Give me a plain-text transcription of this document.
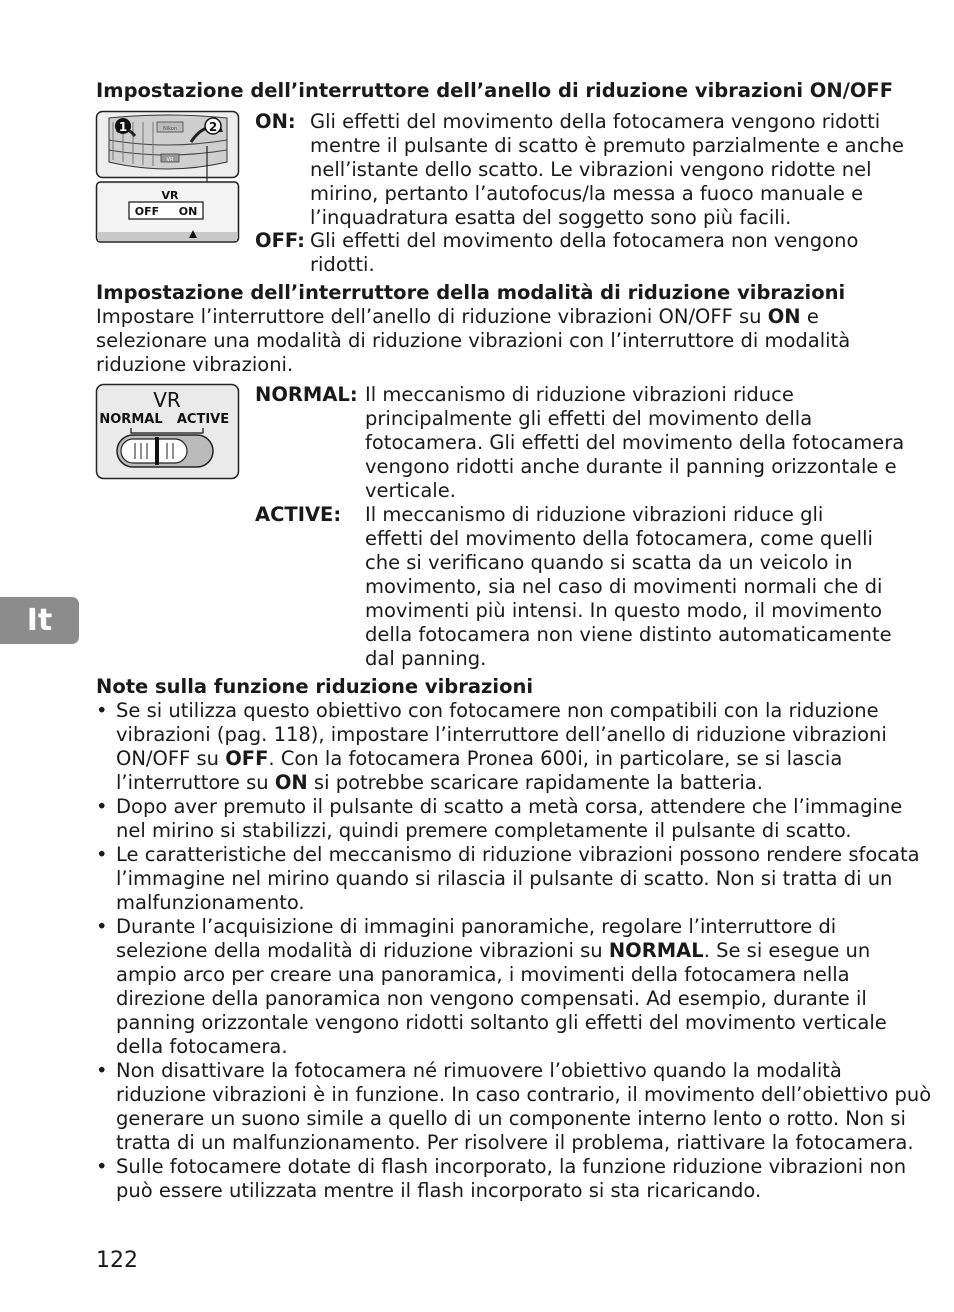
Impostazione dell’interruttore dell’anello di riduzione vibrazioni ON/OFF
1	2
Nikon
VR
VR
OFF ON
ON: Gli effetti del movimento della fotocamera vengono ridotti
mentre il pulsante di scatto è premuto parzialmente e anche
nell’istante dello scatto. Le vibrazioni vengono ridotte nel
mirino, pertanto l’autofocus/la messa a fuoco manuale e
l’inquadratura esatta del soggetto sono più facili.
OFF: Gli effetti del movimento della fotocamera non vengono
ridotti.
Impostazione dell’interruttore della modalità di riduzione vibrazioni
Impostare l’interruttore dell’anello di riduzione vibrazioni ON/OFF su ON e
selezionare una modalità di riduzione vibrazioni con l’interruttore di modalità
riduzione vibrazioni.
VR
NORMAL ACTIVE
NORMAL: Il meccanismo di riduzione vibrazioni riduce
principalmente gli effetti del movimento della
fotocamera. Gli effetti del movimento della fotocamera
vengono ridotti anche durante il panning orizzontale e
verticale.
ACTIVE: Il meccanismo di riduzione vibrazioni riduce gli
effetti del movimento della fotocamera, come quelli
che si verificano quando si scatta da un veicolo in
movimento, sia nel caso di movimenti normali che di
movimenti più intensi. In questo modo, il movimento
della fotocamera non viene distinto automaticamente
dal panning.
It
Note sulla funzione riduzione vibrazioni
• Se si utilizza questo obiettivo con fotocamere non compatibili con la riduzione
vibrazioni (pag. 118), impostare l’interruttore dell’anello di riduzione vibrazioni
ON/OFF su OFF. Con la fotocamera Pronea 600i, in particolare, se si lascia
l’interruttore su ON si potrebbe scaricare rapidamente la batteria.
• Dopo aver premuto il pulsante di scatto a metà corsa, attendere che l’immagine
nel mirino si stabilizzi, quindi premere completamente il pulsante di scatto.
• Le caratteristiche del meccanismo di riduzione vibrazioni possono rendere sfocata
l’immagine nel mirino quando si rilascia il pulsante di scatto. Non si tratta di un
malfunzionamento.
• Durante l’acquisizione di immagini panoramiche, regolare l’interruttore di
selezione della modalità di riduzione vibrazioni su NORMAL. Se si esegue un
ampio arco per creare una panoramica, i movimenti della fotocamera nella
direzione della panoramica non vengono compensati. Ad esempio, durante il
panning orizzontale vengono ridotti soltanto gli effetti del movimento verticale
della fotocamera.
• Non disattivare la fotocamera né rimuovere l’obiettivo quando la modalità
riduzione vibrazioni è in funzione. In caso contrario, il movimento dell’obiettivo può
generare un suono simile a quello di un componente interno lento o rotto. Non si
tratta di un malfunzionamento. Per risolvere il problema, riattivare la fotocamera.
• Sulle fotocamere dotate di flash incorporato, la funzione riduzione vibrazioni non
può essere utilizzata mentre il flash incorporato si sta ricaricando.
122
